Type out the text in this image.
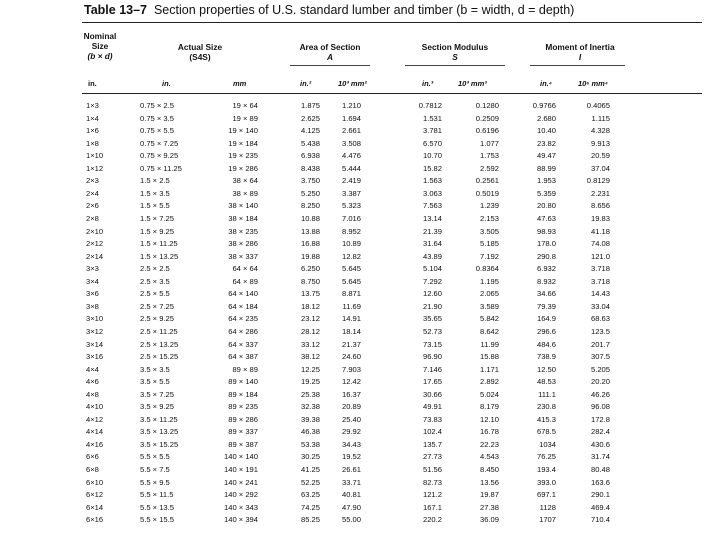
Table 13–7 Section properties of U.S. standard lumber and timber (b = width, d = depth)
Nominal
Size
(b × d)
Actual Size
(S4S)
Area of Section
A
Section Modulus
S
Moment of Inertia
I
in.	in.	mm	in.²	10³ mm²	in.³	10³ mm³	in.⁴	10⁶ mm⁴
1×3	0.75 × 2.5	19 × 64	1.875	1.210	0.7812	0.1280	0.9766	0.4065
1×4	0.75 × 3.5	19 × 89	2.625	1.694	1.531	0.2509	2.680	1.115
1×6	0.75 × 5.5	19 × 140	4.125	2.661	3.781	0.6196	10.40	4.328
1×8	0.75 × 7.25	19 × 184	5.438	3.508	6.570	1.077	23.82	9.913
1×10	0.75 × 9.25	19 × 235	6.938	4.476	10.70	1.753	49.47	20.59
1×12	0.75 × 11.25	19 × 286	8.438	5.444	15.82	2.592	88.99	37.04
2×3	1.5 × 2.5	38 × 64	3.750	2.419	1.563	0.2561	1.953	0.8129
2×4	1.5 × 3.5	38 × 89	5.250	3.387	3.063	0.5019	5.359	2.231
2×6	1.5 × 5.5	38 × 140	8.250	5.323	7.563	1.239	20.80	8.656
2×8	1.5 × 7.25	38 × 184	10.88	7.016	13.14	2.153	47.63	19.83
2×10	1.5 × 9.25	38 × 235	13.88	8.952	21.39	3.505	98.93	41.18
2×12	1.5 × 11.25	38 × 286	16.88	10.89	31.64	5.185	178.0	74.08
2×14	1.5 × 13.25	38 × 337	19.88	12.82	43.89	7.192	290.8	121.0
3×3	2.5 × 2.5	64 × 64	6.250	5.645	5.104	0.8364	6.932	3.718
3×4	2.5 × 3.5	64 × 89	8.750	5.645	7.292	1.195	8.932	3.718
3×6	2.5 × 5.5	64 × 140	13.75	8.871	12.60	2.065	34.66	14.43
3×8	2.5 × 7.25	64 × 184	18.12	11.69	21.90	3.589	79.39	33.04
3×10	2.5 × 9.25	64 × 235	23.12	14.91	35.65	5.842	164.9	68.63
3×12	2.5 × 11.25	64 × 286	28.12	18.14	52.73	8.642	296.6	123.5
3×14	2.5 × 13.25	64 × 337	33.12	21.37	73.15	11.99	484.6	201.7
3×16	2.5 × 15.25	64 × 387	38.12	24.60	96.90	15.88	738.9	307.5
4×4	3.5 × 3.5	89 × 89	12.25	7.903	7.146	1.171	12.50	5.205
4×6	3.5 × 5.5	89 × 140	19.25	12.42	17.65	2.892	48.53	20.20
4×8	3.5 × 7.25	89 × 184	25.38	16.37	30.66	5.024	111.1	46.26
4×10	3.5 × 9.25	89 × 235	32.38	20.89	49.91	8.179	230.8	96.08
4×12	3.5 × 11.25	89 × 286	39.38	25.40	73.83	12.10	415.3	172.8
4×14	3.5 × 13.25	89 × 337	46.38	29.92	102.4	16.78	678.5	282.4
4×16	3.5 × 15.25	89 × 387	53.38	34.43	135.7	22.23	1034	430.6
6×6	5.5 × 5.5	140 × 140	30.25	19.52	27.73	4.543	76.25	31.74
6×8	5.5 × 7.5	140 × 191	41.25	26.61	51.56	8.450	193.4	80.48
6×10	5.5 × 9.5	140 × 241	52.25	33.71	82.73	13.56	393.0	163.6
6×12	5.5 × 11.5	140 × 292	63.25	40.81	121.2	19.87	697.1	290.1
6×14	5.5 × 13.5	140 × 343	74.25	47.90	167.1	27.38	1128	469.4
6×16	5.5 × 15.5	140 × 394	85.25	55.00	220.2	36.09	1707	710.4
